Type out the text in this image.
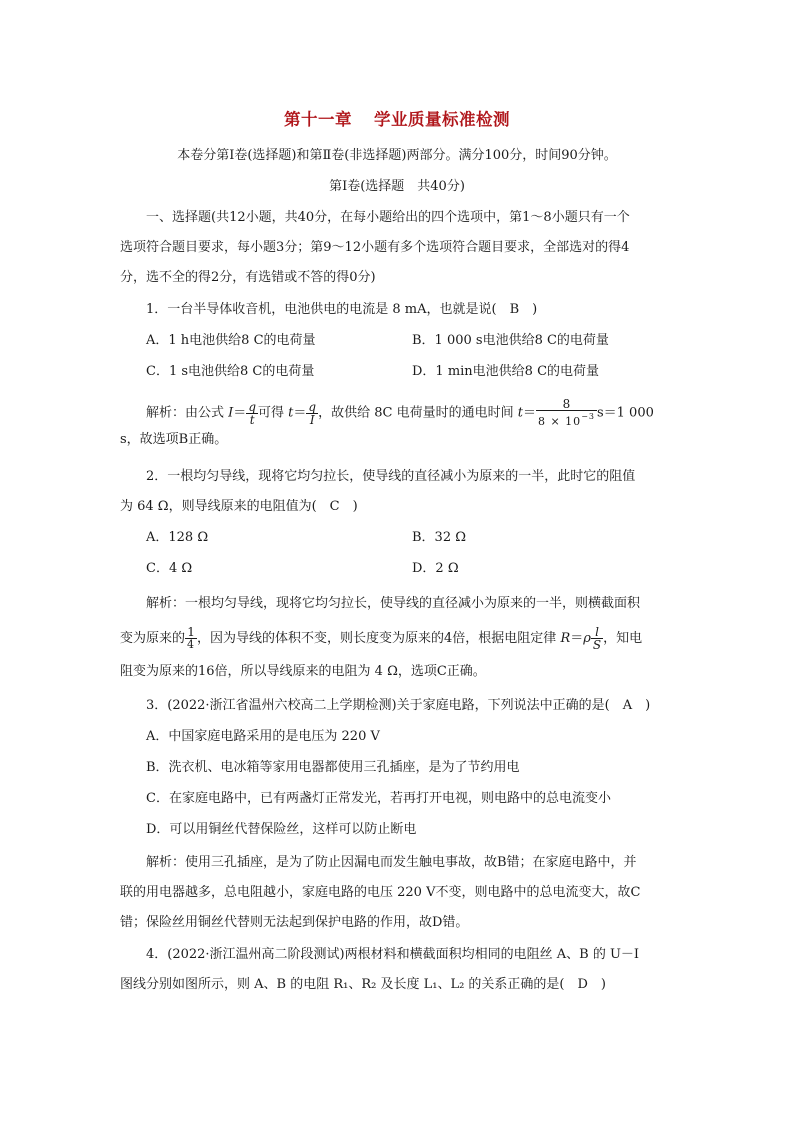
第十一章 学业质量标准检测
本卷分第Ⅰ卷(选择题)和第Ⅱ卷(非选择题)两部分。满分100分，时间90分钟。
第Ⅰ卷(选择题　共40分)
一、选择题(共12小题，共40分，在每小题给出的四个选项中，第1～8小题只有一个
选项符合题目要求，每小题3分；第9～12小题有多个选项符合题目要求，全部选对的得4
分，选不全的得2分，有选错或不答的得0分)
1．一台半导体收音机，电池供电的电流是 8 mA，也就是说(　B　)
A．1 h电池供给8 C的电荷量	B．1 000 s电池供给8 C的电荷量
C．1 s电池供给8 C的电荷量	D．1 min电池供给8 C的电荷量
解析：由公式 $I= \frac{q}{t}$ 可得 $t= \frac{q}{I}$ ，故供给 8C 电荷量时的通电时间 $t= \frac{8}{8 \times 10^{-3}} s=1$ 000
s，故选项B正确。
2．一根均匀导线，现将它均匀拉长，使导线的直径减小为原来的一半，此时它的阻值
为 64 Ω，则导线原来的电阻值为(　C　)
A．128 Ω	B．32 Ω
C．4 Ω	D．2 Ω
解析：一根均匀导线，现将它均匀拉长，使导线的直径减小为原来的一半，则横截面积
变为原来的 $\frac{1}{4}$ ，因为导线的体积不变，则长度变为原来的4倍，根据电阻定律 $R=\rho \frac{l}{S}$ ，知电
阻变为原来的16倍，所以导线原来的电阻为 4 Ω，选项C正确。
3．(2022·浙江省温州六校高二上学期检测)关于家庭电路，下列说法中正确的是(　A　)
A．中国家庭电路采用的是电压为 220 V
B．洗衣机、电冰箱等家用电器都使用三孔插座，是为了节约用电
C．在家庭电路中，已有两盏灯正常发光，若再打开电视，则电路中的总电流变小
D．可以用铜丝代替保险丝，这样可以防止断电
解析：使用三孔插座，是为了防止因漏电而发生触电事故，故B错；在家庭电路中，并
联的用电器越多，总电阻越小，家庭电路的电压 220 V不变，则电路中的总电流变大，故C
错；保险丝用铜丝代替则无法起到保护电路的作用，故D错。
4．(2022·浙江温州高二阶段测试)两根材料和横截面积均相同的电阻丝 A、B 的 U－I
图线分别如图所示，则 A、B 的电阻 R₁、R₂ 及长度 L₁、L₂ 的关系正确的是(　D　)
